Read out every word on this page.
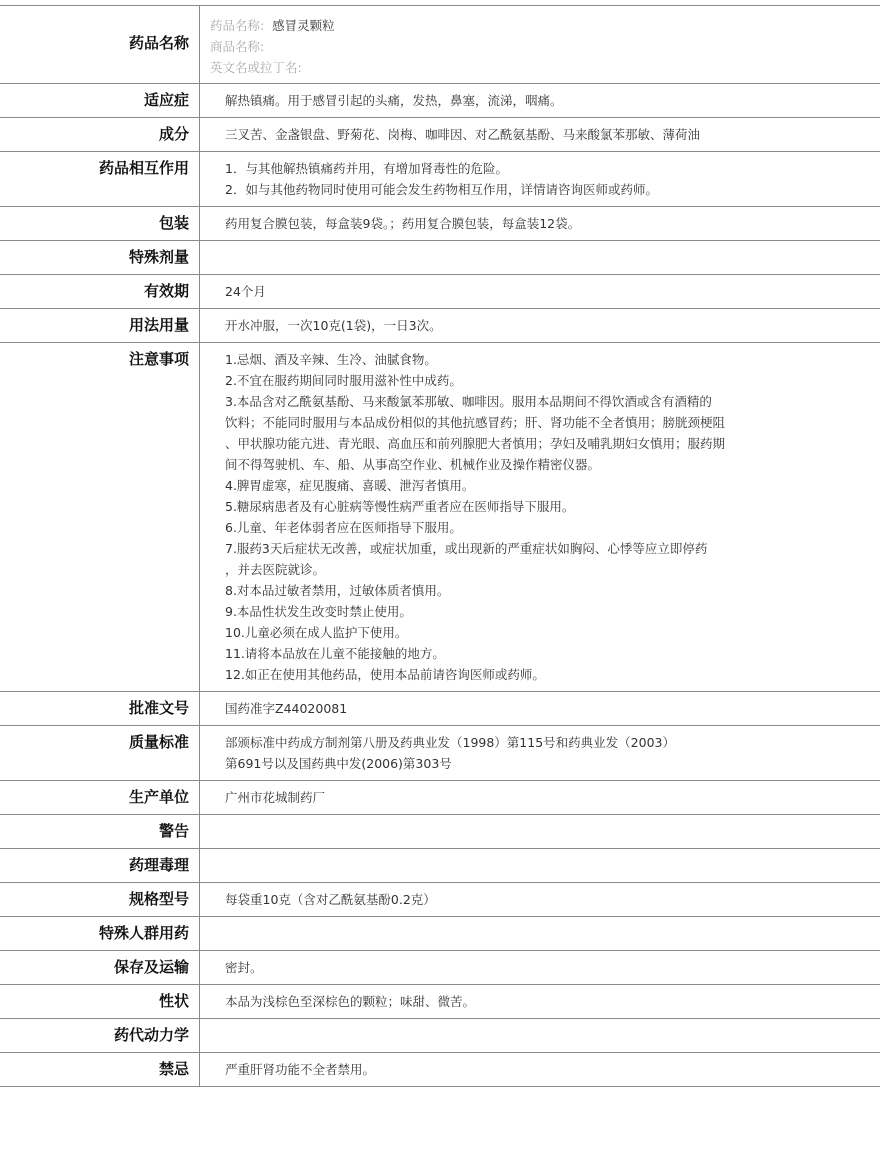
药品名称
药品名称: 感冒灵颗粒
商品名称:
英文名或拉丁名:
适应症	解热镇痛。用于感冒引起的头痛，发热，鼻塞，流涕，咽痛。
成分	三叉苦、金盏银盘、野菊花、岗梅、咖啡因、对乙酰氨基酚、马来酸氯苯那敏、薄荷油
药品相互作用	1．与其他解热镇痛药并用，有增加肾毒性的危险。
2．如与其他药物同时使用可能会发生药物相互作用，详情请咨询医师或药师。
包装	药用复合膜包装，每盒装9袋。；药用复合膜包装，每盒装12袋。
特殊剂量
有效期	24个月
用法用量	开水冲服，一次10克(1袋)，一日3次。
注意事项	1.忌烟、酒及辛辣、生冷、油腻食物。
2.不宜在服药期间同时服用滋补性中成药。
3.本品含对乙酰氨基酚、马来酸氯苯那敏、咖啡因。服用本品期间不得饮酒或含有酒精的
饮料；不能同时服用与本品成份相似的其他抗感冒药；肝、肾功能不全者慎用；膀胱颈梗阻
、甲状腺功能亢进、青光眼、高血压和前列腺肥大者慎用；孕妇及哺乳期妇女慎用；服药期
间不得驾驶机、车、船、从事高空作业、机械作业及操作精密仪器。
4.脾胃虚寒，症见腹痛、喜暖、泄泻者慎用。
5.糖尿病患者及有心脏病等慢性病严重者应在医师指导下服用。
6.儿童、年老体弱者应在医师指导下服用。
7.服药3天后症状无改善，或症状加重，或出现新的严重症状如胸闷、心悸等应立即停药
，并去医院就诊。
8.对本品过敏者禁用，过敏体质者慎用。
9.本品性状发生改变时禁止使用。
10.儿童必须在成人监护下使用。
11.请将本品放在儿童不能接触的地方。
12.如正在使用其他药品，使用本品前请咨询医师或药师。
批准文号	国药准字Z44020081
质量标准	部颁标准中药成方制剂第八册及药典业发（1998）第115号和药典业发（2003）
第691号以及国药典中发(2006)第303号
生产单位	广州市花城制药厂
警告
药理毒理
规格型号	每袋重10克（含对乙酰氨基酚0.2克）
特殊人群用药
保存及运输	密封。
性状	本品为浅棕色至深棕色的颗粒；味甜、微苦。
药代动力学
禁忌	严重肝肾功能不全者禁用。
